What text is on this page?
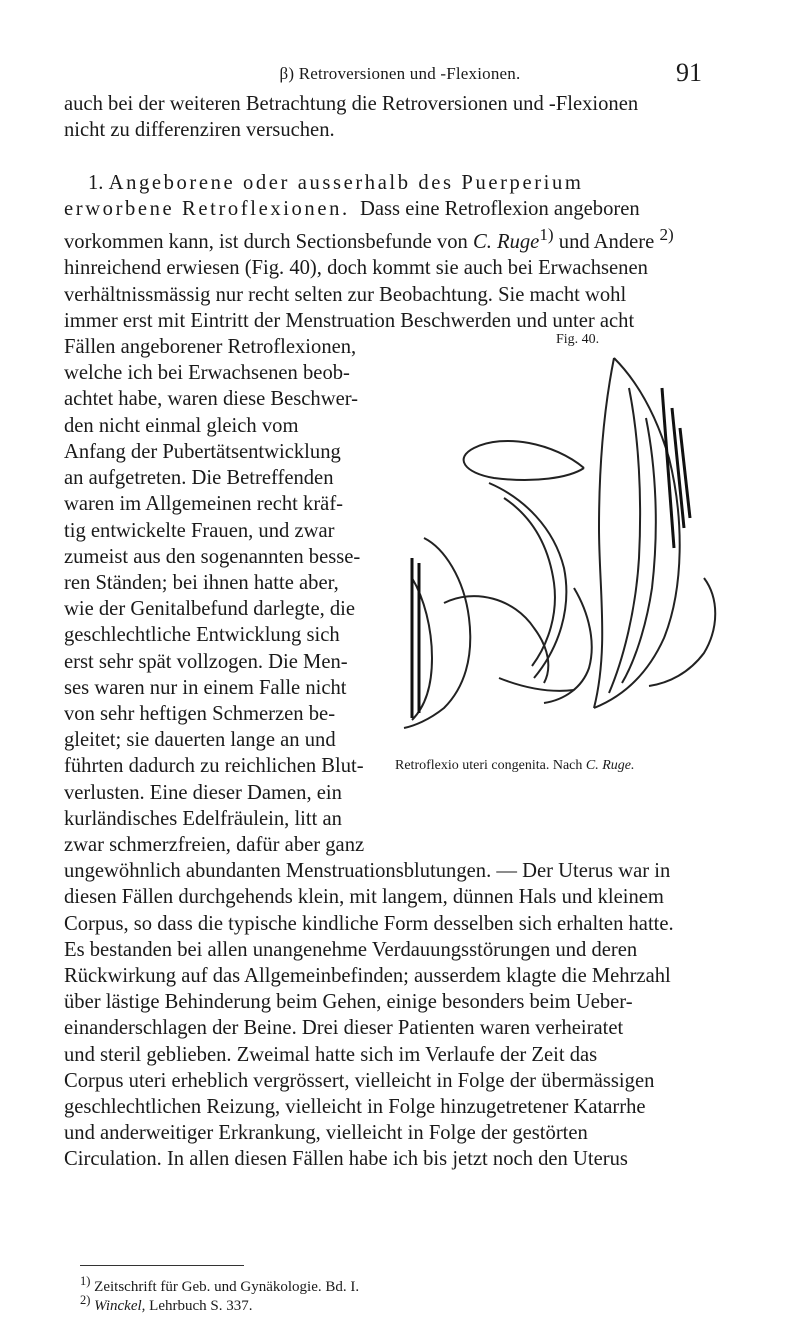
β) Retroversionen und -Flexionen.	91
auch bei der weiteren Betrachtung die Retroversionen und -Flexionen
nicht zu differenziren versuchen.
1. Angeborene oder ausserhalb des Puerperium
erworbene Retroflexionen. Dass eine Retroflexion angeboren
vorkommen kann, ist durch Sectionsbefunde von C. Ruge$^{1)}$ und Andere $^{2)}$
hinreichend erwiesen (Fig. 40), doch kommt sie auch bei Erwachsenen
verhältnissmässig nur recht selten zur Beobachtung. Sie macht wohl
immer erst mit Eintritt der Menstruation Beschwerden und unter acht
Fällen angeborener Retroflexionen,
welche ich bei Erwachsenen beob-
achtet habe, waren diese Beschwer-
den nicht einmal gleich vom
Anfang der Pubertätsentwicklung
an aufgetreten. Die Betreffenden
waren im Allgemeinen recht kräf-
tig entwickelte Frauen, und zwar
zumeist aus den sogenannten besse-
ren Ständen; bei ihnen hatte aber,
wie der Genitalbefund darlegte, die
geschlechtliche Entwicklung sich
erst sehr spät vollzogen. Die Men-
ses waren nur in einem Falle nicht
von sehr heftigen Schmerzen be-
gleitet; sie dauerten lange an und
führten dadurch zu reichlichen Blut-
verlusten. Eine dieser Damen, ein
kurländisches Edelfräulein, litt an
zwar schmerzfreien, dafür aber ganz
ungewöhnlich abundanten Menstruationsblutungen. — Der Uterus war in
diesen Fällen durchgehends klein, mit langem, dünnen Hals und kleinem
Corpus, so dass die typische kindliche Form desselben sich erhalten hatte.
Es bestanden bei allen unangenehme Verdauungsstörungen und deren
Rückwirkung auf das Allgemeinbefinden; ausserdem klagte die Mehrzahl
über lästige Behinderung beim Gehen, einige besonders beim Ueber-
einanderschlagen der Beine. Drei dieser Patienten waren verheiratet
und steril geblieben. Zweimal hatte sich im Verlaufe der Zeit das
Corpus uteri erheblich vergrössert, vielleicht in Folge der übermässigen
geschlechtlichen Reizung, vielleicht in Folge hinzugetretener Katarrhe
und anderweitiger Erkrankung, vielleicht in Folge der gestörten
Circulation. In allen diesen Fällen habe ich bis jetzt noch den Uterus
Fig. 40.
Retroflexio uteri congenita. Nach C. Ruge.
$^{1)}$ Zeitschrift für Geb. und Gynäkologie. Bd. I.
$^{2)}$ Winckel, Lehrbuch S. 337.
